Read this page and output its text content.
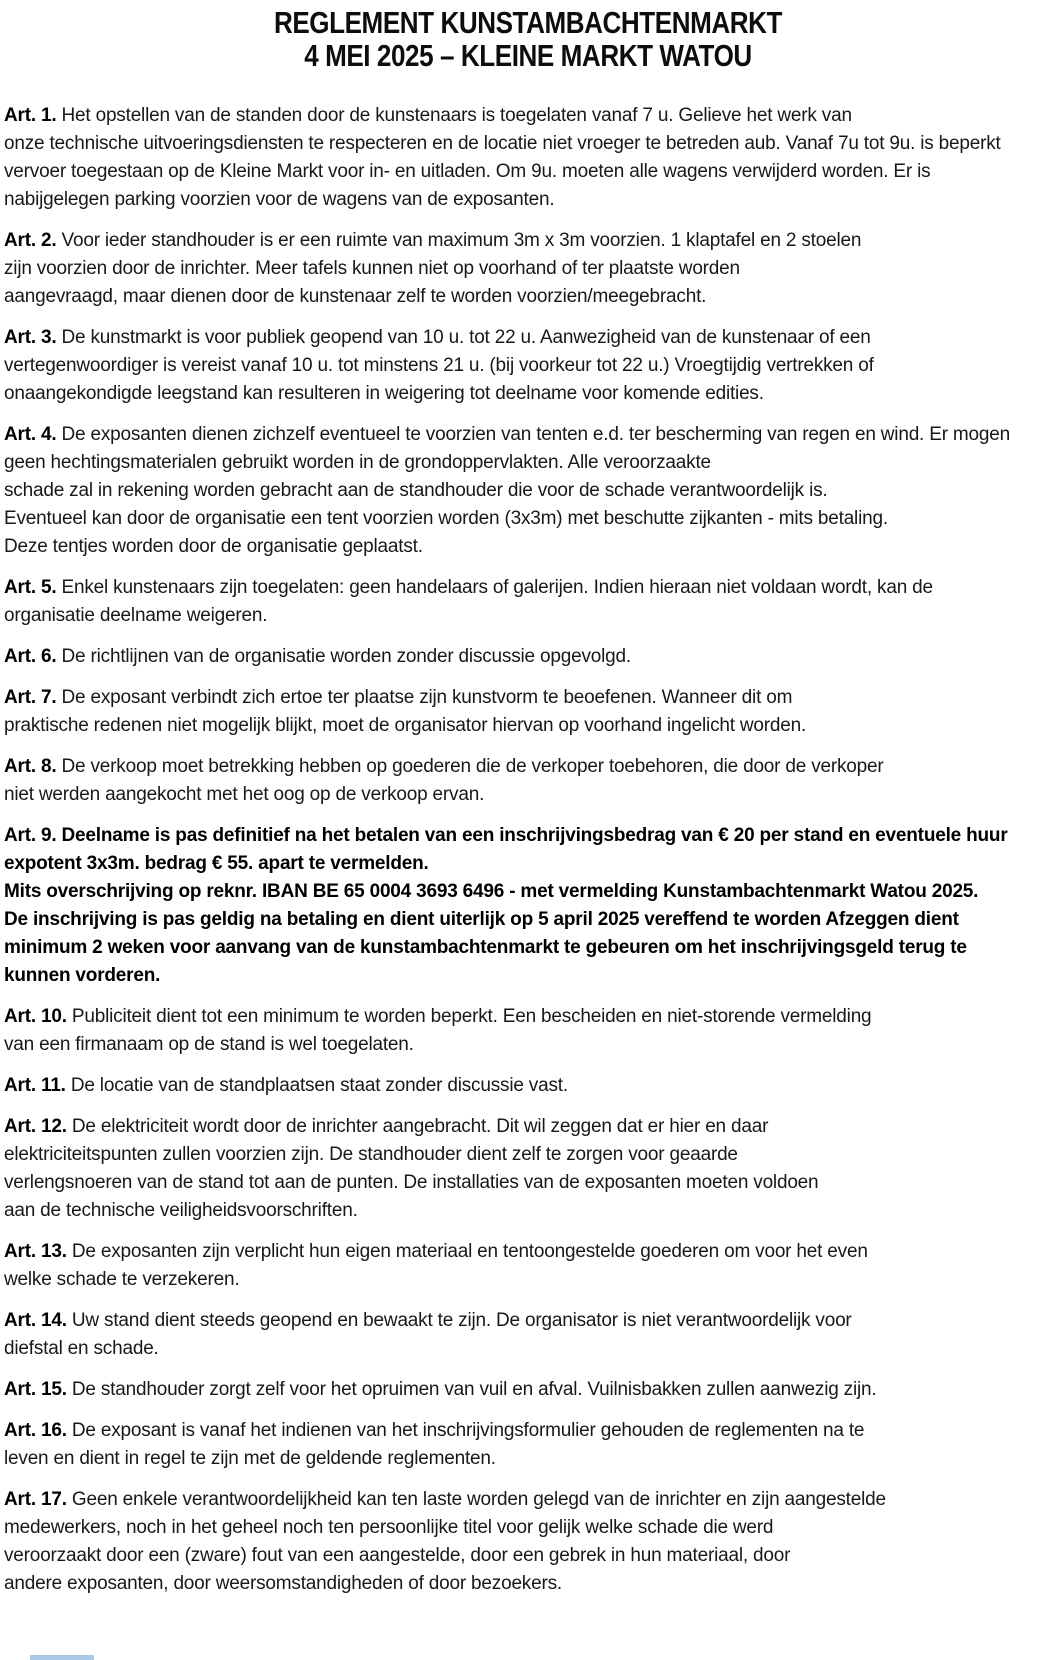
REGLEMENT KUNSTAMBACHTENMARKT
4 MEI 2025 – KLEINE MARKT WATOU

Art. 1. Het opstellen van de standen door de kunstenaars is toegelaten vanaf 7 u. Gelieve het werk van
onze technische uitvoeringsdiensten te respecteren en de locatie niet vroeger te betreden aub. Vanaf 7u tot 9u. is beperkt
vervoer toegestaan op de Kleine Markt voor in- en uitladen. Om 9u. moeten alle wagens verwijderd worden. Er is
nabijgelegen parking voorzien voor de wagens van de exposanten.

Art. 2. Voor ieder standhouder is er een ruimte van maximum 3m x 3m voorzien. 1 klaptafel en 2 stoelen
zijn voorzien door de inrichter. Meer tafels kunnen niet op voorhand of ter plaatste worden
aangevraagd, maar dienen door de kunstenaar zelf te worden voorzien/meegebracht.

Art. 3. De kunstmarkt is voor publiek geopend van 10 u. tot 22 u. Aanwezigheid van de kunstenaar of een
vertegenwoordiger is vereist vanaf 10 u. tot minstens 21 u. (bij voorkeur tot 22 u.) Vroegtijdig vertrekken of
onaangekondigde leegstand kan resulteren in weigering tot deelname voor komende edities.

Art. 4. De exposanten dienen zichzelf eventueel te voorzien van tenten e.d. ter bescherming van regen en wind. Er mogen
geen hechtingsmaterialen gebruikt worden in de grondoppervlakten. Alle veroorzaakte
schade zal in rekening worden gebracht aan de standhouder die voor de schade verantwoordelijk is.
Eventueel kan door de organisatie een tent voorzien worden (3x3m) met beschutte zijkanten - mits betaling.
Deze tentjes worden door de organisatie geplaatst.

Art. 5. Enkel kunstenaars zijn toegelaten: geen handelaars of galerijen. Indien hieraan niet voldaan wordt, kan de
organisatie deelname weigeren.

Art. 6. De richtlijnen van de organisatie worden zonder discussie opgevolgd.

Art. 7. De exposant verbindt zich ertoe ter plaatse zijn kunstvorm te beoefenen. Wanneer dit om
praktische redenen niet mogelijk blijkt, moet de organisator hiervan op voorhand ingelicht worden.

Art. 8. De verkoop moet betrekking hebben op goederen die de verkoper toebehoren, die door de verkoper
niet werden aangekocht met het oog op de verkoop ervan.

Art. 9. Deelname is pas definitief na het betalen van een inschrijvingsbedrag van € 20 per stand en eventuele huur
expotent 3x3m. bedrag € 55. apart te vermelden.
Mits overschrijving op reknr. IBAN BE 65 0004 3693 6496 - met vermelding Kunstambachtenmarkt Watou 2025.
De inschrijving is pas geldig na betaling en dient uiterlijk op 5 april 2025 vereffend te worden Afzeggen dient
minimum 2 weken voor aanvang van de kunstambachtenmarkt te gebeuren om het inschrijvingsgeld terug te
kunnen vorderen.

Art. 10. Publiciteit dient tot een minimum te worden beperkt. Een bescheiden en niet-storende vermelding
van een firmanaam op de stand is wel toegelaten.

Art. 11. De locatie van de standplaatsen staat zonder discussie vast.

Art. 12. De elektriciteit wordt door de inrichter aangebracht. Dit wil zeggen dat er hier en daar
elektriciteitspunten zullen voorzien zijn. De standhouder dient zelf te zorgen voor geaarde
verlengsnoeren van de stand tot aan de punten. De installaties van de exposanten moeten voldoen
aan de technische veiligheidsvoorschriften.

Art. 13. De exposanten zijn verplicht hun eigen materiaal en tentoongestelde goederen om voor het even
welke schade te verzekeren.

Art. 14. Uw stand dient steeds geopend en bewaakt te zijn. De organisator is niet verantwoordelijk voor
diefstal en schade.

Art. 15. De standhouder zorgt zelf voor het opruimen van vuil en afval. Vuilnisbakken zullen aanwezig zijn.

Art. 16. De exposant is vanaf het indienen van het inschrijvingsformulier gehouden de reglementen na te
leven en dient in regel te zijn met de geldende reglementen.

Art. 17. Geen enkele verantwoordelijkheid kan ten laste worden gelegd van de inrichter en zijn aangestelde
medewerkers, noch in het geheel noch ten persoonlijke titel voor gelijk welke schade die werd
veroorzaakt door een (zware) fout van een aangestelde, door een gebrek in hun materiaal, door
andere exposanten, door weersomstandigheden of door bezoekers.
